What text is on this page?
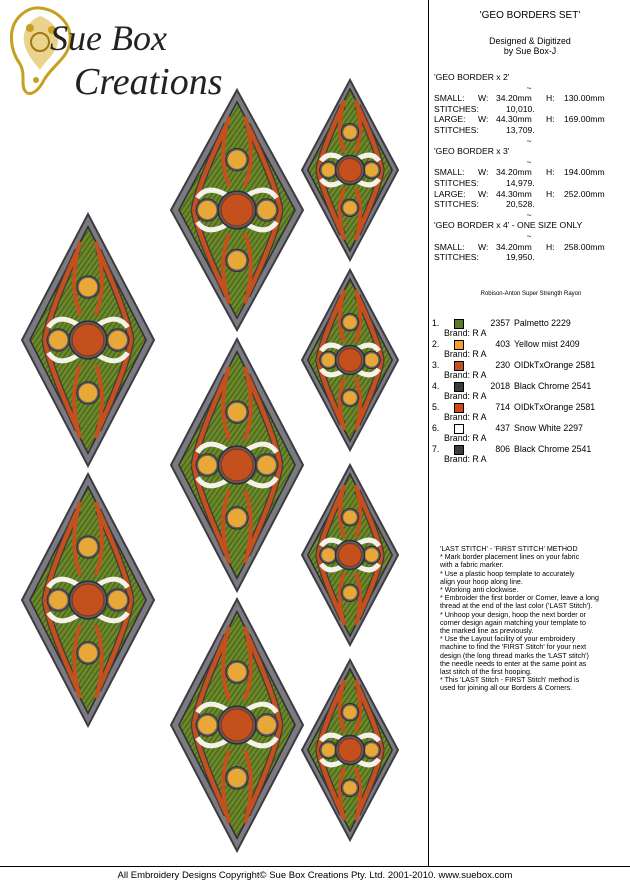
Sue Box
Creations
'GEO BORDERS SET'
Designed & Digitized
by Sue Box-J
'GEO BORDER x 2'
~
SMALL: W: 34.20mm H: 130.00mm
STITCHES:	10,010.
LARGE: W: 44.30mm H: 169.00mm
STITCHES:	13,709.
~
'GEO BORDER x 3'
~
SMALL: W: 34.20mm H: 194.00mm
STITCHES:	14,979.
LARGE: W: 44.30mm H: 252.00mm
STITCHES:	20,528.
~
'GEO BORDER x 4' - ONE SIZE ONLY
~
SMALL: W: 34.20mm H: 258.00mm
STITCHES:	19,950.
Robison-Anton Super Strength Rayon
1.	2357 Palmetto 2229
Brand: R A
2.	403 Yellow mist 2409
Brand: R A
3.	230 OIDkTxOrange 2581
Brand: R A
4.	2018 Black Chrome 2541
Brand: R A
5.	714 OIDkTxOrange 2581
Brand: R A
6.	437 Snow White 2297
Brand: R A
7.	806 Black Chrome 2541
Brand: R A

'LAST STITCH' - 'FIRST STITCH' METHOD

* Mark border placement lines on your fabric

with a fabric marker.

* Use a plastic hoop template to accurately

align your hoop along line.

* Working anti clockwise.

* Embroider the first border or Corner, leave a long

thread at the end of the last color ('LAST Stitch').

* Unhoop your design, hoop the next border or

corner design again matching your template to

the marked line as previously.

* Use the Layout facility of your embroidery

machine to find the 'FIRST Stitch' for your next

design (the long thread marks the 'LAST stitch')

the needle needs to enter at the same point as

last stitch of the first hooping.

* This 'LAST Stitch - FIRST Stitch' method is

used for joining all our Borders & Corners.

All Embroidery Designs Copyright© Sue Box Creations Pty. Ltd. 2001-2010. www.suebox.com
